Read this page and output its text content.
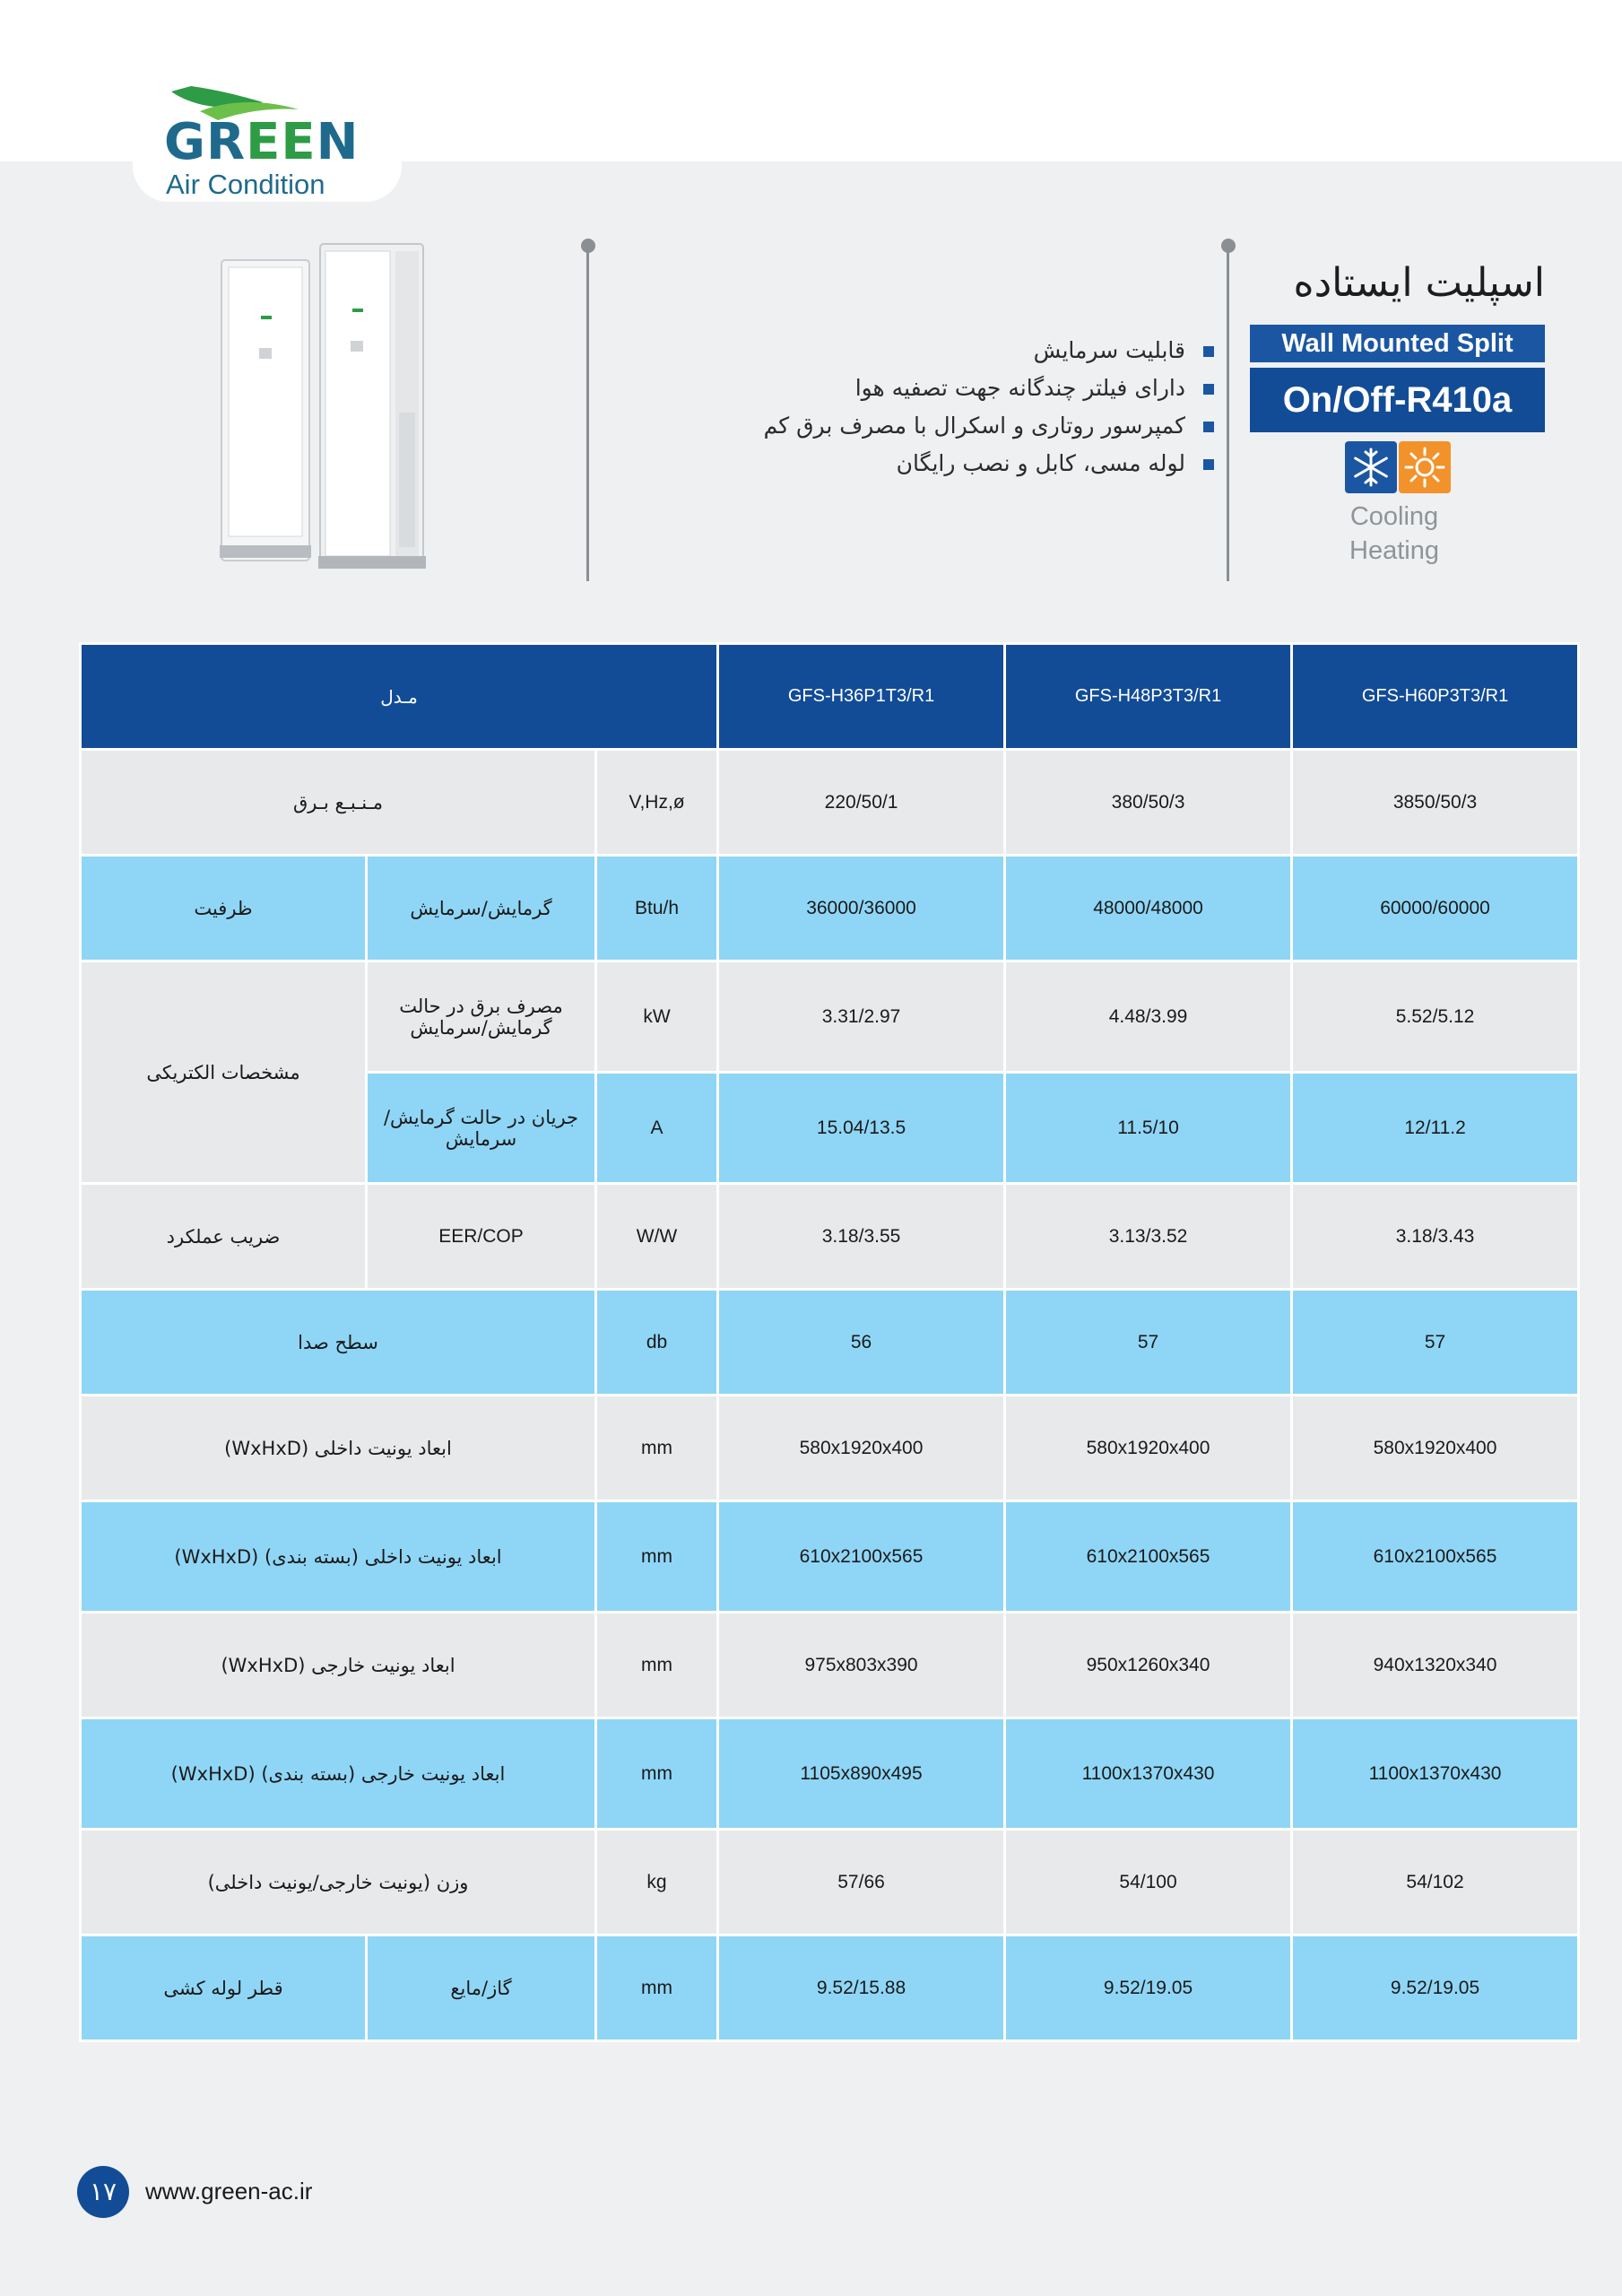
GREEN
Air Condition
قابلیت سرمایش
دارای فیلتر چندگانه جهت تصفیه هوا
کمپرسور روتاری و اسکرال با مصرف برق کم
لوله مسی، کابل و نصب رایگان
اسپلیت ایستاده
Wall Mounted Split
On/Off-R410a
Cooling
Heating
مـدل			GFS-H36P1T3/R1	GFS-H48P3T3/R1	GFS-H60P3T3/R1
مـنـبـع بـرق		V,Hz,ø	220/50/1	380/50/3	3850/50/3
ظرفیت	گرمایش/سرمایش	Btu/h	36000/36000	48000/48000	60000/60000
مشخصات الکتریکی	مصرف برق در حالت گرمایش/سرمایش	kW	3.31/2.97	4.48/3.99	5.52/5.12
	جریان در حالت گرمایش/ سرمایش	A	15.04/13.5	11.5/10	12/11.2
ضریب عملکرد	EER/COP	W/W	3.18/3.55	3.13/3.52	3.18/3.43
سطح صدا		db	56	57	57
ابعاد یونیت داخلی (WxHxD)		mm	580x1920x400	580x1920x400	580x1920x400
ابعاد یونیت داخلی (بسته بندی) (WxHxD)		mm	610x2100x565	610x2100x565	610x2100x565
ابعاد یونیت خارجی (WxHxD)		mm	975x803x390	950x1260x340	940x1320x340
ابعاد یونیت خارجی (بسته بندی) (WxHxD)		mm	1105x890x495	1100x1370x430	1100x1370x430
وزن (یونیت خارجی/یونیت داخلی)		kg	57/66	54/100	54/102
قطر لوله کشی	گاز/مایع	mm	9.52/15.88	9.52/19.05	9.52/19.05
١٧	www.green-ac.ir
